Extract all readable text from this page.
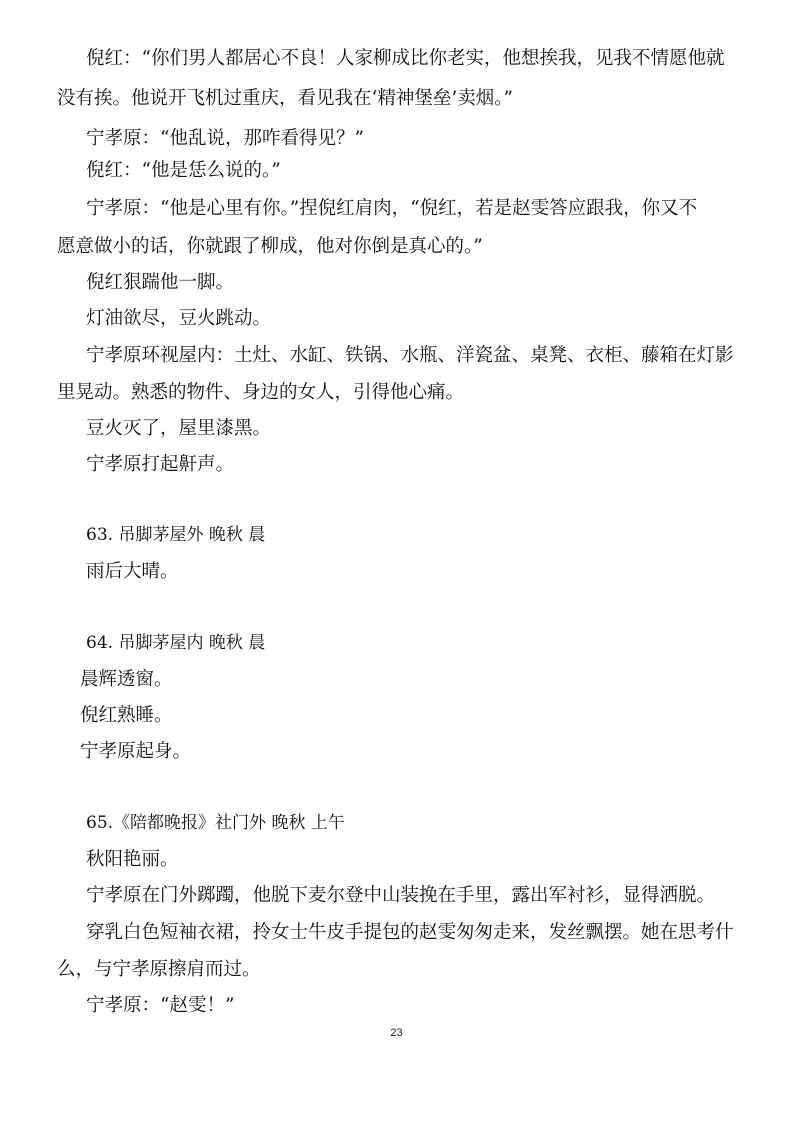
倪红：“你们男人都居心不良！人家柳成比你老实，他想挨我，见我不情愿他就
没有挨。他说开飞机过重庆，看见我在‘精神堡垒’卖烟。”
宁孝原：“他乱说，那咋看得见？”
倪红：“他是恁么说的。”
宁孝原：“他是心里有你。”捏倪红肩肉，“倪红，若是赵雯答应跟我，你又不
愿意做小的话，你就跟了柳成，他对你倒是真心的。”
倪红狠踹他一脚。
灯油欲尽，豆火跳动。
宁孝原环视屋内：土灶、水缸、铁锅、水瓶、洋瓷盆、桌凳、衣柜、藤箱在灯影
里晃动。熟悉的物件、身边的女人，引得他心痛。
豆火灭了，屋里漆黑。
宁孝原打起鼾声。
63. 吊脚茅屋外 晚秋 晨
雨后大晴。
64. 吊脚茅屋内 晚秋 晨
晨辉透窗。
倪红熟睡。
宁孝原起身。
65.《陪都晚报》社门外 晚秋 上午
秋阳艳丽。
宁孝原在门外踯躅，他脱下麦尔登中山装挽在手里，露出军衬衫，显得洒脱。
穿乳白色短袖衣裙，拎女士牛皮手提包的赵雯匆匆走来，发丝飘摆。她在思考什
么，与宁孝原擦肩而过。
宁孝原：“赵雯！”
23
